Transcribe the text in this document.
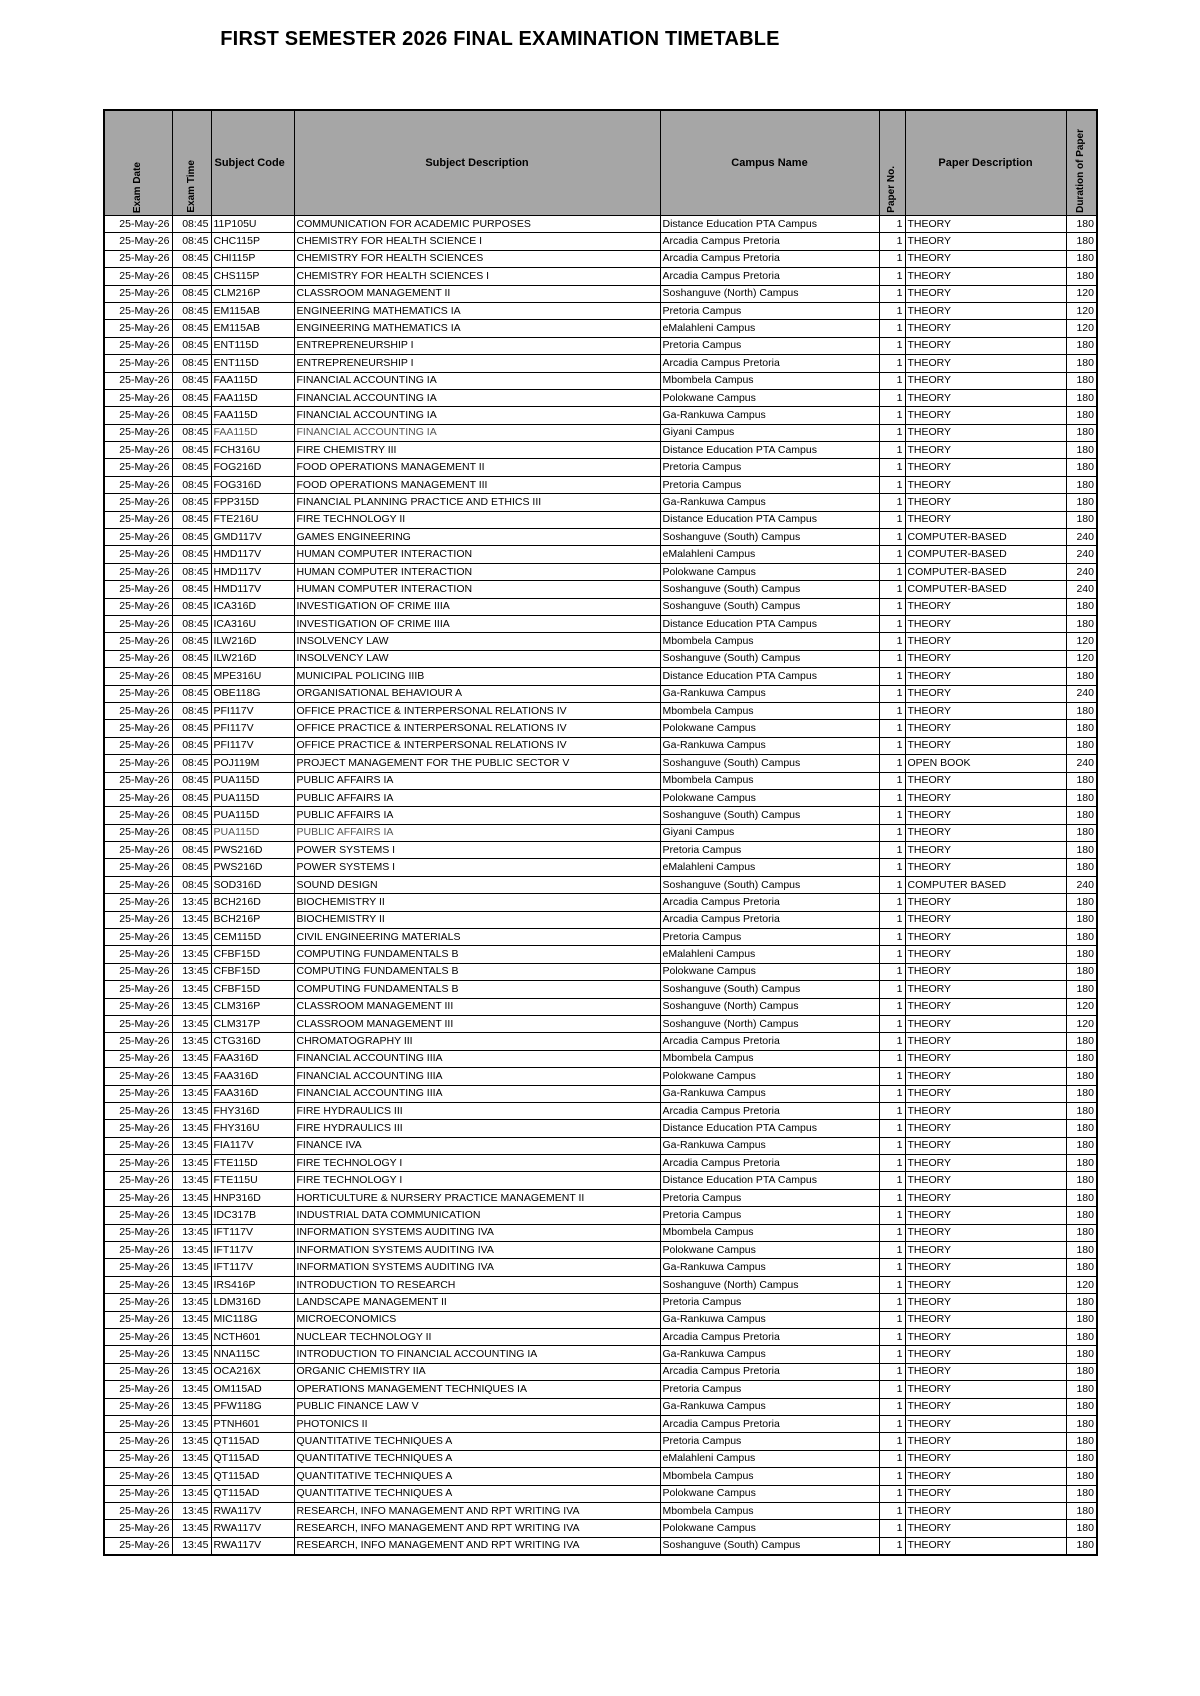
FIRST SEMESTER 2026 FINAL EXAMINATION TIMETABLE
Exam Date	Exam Time	Subject Code	Subject Description	Campus Name	Paper No.	Paper Description	Duration of Paper

25-May-26	08:45	11P105U	COMMUNICATION FOR ACADEMIC PURPOSES	Distance Education PTA Campus	1	THEORY	180
25-May-26	08:45	CHC115P	CHEMISTRY FOR HEALTH SCIENCE I	Arcadia Campus Pretoria	1	THEORY	180
25-May-26	08:45	CHI115P	CHEMISTRY FOR HEALTH SCIENCES	Arcadia Campus Pretoria	1	THEORY	180
25-May-26	08:45	CHS115P	CHEMISTRY FOR HEALTH SCIENCES I	Arcadia Campus Pretoria	1	THEORY	180
25-May-26	08:45	CLM216P	CLASSROOM MANAGEMENT II	Soshanguve (North) Campus	1	THEORY	120
25-May-26	08:45	EM115AB	ENGINEERING MATHEMATICS IA	Pretoria Campus	1	THEORY	120
25-May-26	08:45	EM115AB	ENGINEERING MATHEMATICS IA	eMalahleni Campus	1	THEORY	120
25-May-26	08:45	ENT115D	ENTREPRENEURSHIP I	Pretoria Campus	1	THEORY	180
25-May-26	08:45	ENT115D	ENTREPRENEURSHIP I	Arcadia Campus Pretoria	1	THEORY	180
25-May-26	08:45	FAA115D	FINANCIAL ACCOUNTING IA	Mbombela Campus	1	THEORY	180
25-May-26	08:45	FAA115D	FINANCIAL ACCOUNTING IA	Polokwane Campus	1	THEORY	180
25-May-26	08:45	FAA115D	FINANCIAL ACCOUNTING IA	Ga-Rankuwa Campus	1	THEORY	180
25-May-26	08:45	FAA115D	FINANCIAL ACCOUNTING IA	Giyani Campus	1	THEORY	180
25-May-26	08:45	FCH316U	FIRE CHEMISTRY III	Distance Education PTA Campus	1	THEORY	180
25-May-26	08:45	FOG216D	FOOD OPERATIONS MANAGEMENT II	Pretoria Campus	1	THEORY	180
25-May-26	08:45	FOG316D	FOOD OPERATIONS MANAGEMENT III	Pretoria Campus	1	THEORY	180
25-May-26	08:45	FPP315D	FINANCIAL PLANNING PRACTICE AND ETHICS III	Ga-Rankuwa Campus	1	THEORY	180
25-May-26	08:45	FTE216U	FIRE TECHNOLOGY II	Distance Education PTA Campus	1	THEORY	180
25-May-26	08:45	GMD117V	GAMES ENGINEERING	Soshanguve (South) Campus	1	COMPUTER-BASED	240
25-May-26	08:45	HMD117V	HUMAN COMPUTER INTERACTION	eMalahleni Campus	1	COMPUTER-BASED	240
25-May-26	08:45	HMD117V	HUMAN COMPUTER INTERACTION	Polokwane Campus	1	COMPUTER-BASED	240
25-May-26	08:45	HMD117V	HUMAN COMPUTER INTERACTION	Soshanguve (South) Campus	1	COMPUTER-BASED	240
25-May-26	08:45	ICA316D	INVESTIGATION OF CRIME IIIA	Soshanguve (South) Campus	1	THEORY	180
25-May-26	08:45	ICA316U	INVESTIGATION OF CRIME IIIA	Distance Education PTA Campus	1	THEORY	180
25-May-26	08:45	ILW216D	INSOLVENCY LAW	Mbombela Campus	1	THEORY	120
25-May-26	08:45	ILW216D	INSOLVENCY LAW	Soshanguve (South) Campus	1	THEORY	120
25-May-26	08:45	MPE316U	MUNICIPAL POLICING IIIB	Distance Education PTA Campus	1	THEORY	180
25-May-26	08:45	OBE118G	ORGANISATIONAL BEHAVIOUR A	Ga-Rankuwa Campus	1	THEORY	240
25-May-26	08:45	PFI117V	OFFICE PRACTICE & INTERPERSONAL RELATIONS IV	Mbombela Campus	1	THEORY	180
25-May-26	08:45	PFI117V	OFFICE PRACTICE & INTERPERSONAL RELATIONS IV	Polokwane Campus	1	THEORY	180
25-May-26	08:45	PFI117V	OFFICE PRACTICE & INTERPERSONAL RELATIONS IV	Ga-Rankuwa Campus	1	THEORY	180
25-May-26	08:45	POJ119M	PROJECT MANAGEMENT FOR THE PUBLIC SECTOR V	Soshanguve (South) Campus	1	OPEN BOOK	240
25-May-26	08:45	PUA115D	PUBLIC AFFAIRS IA	Mbombela Campus	1	THEORY	180
25-May-26	08:45	PUA115D	PUBLIC AFFAIRS IA	Polokwane Campus	1	THEORY	180
25-May-26	08:45	PUA115D	PUBLIC AFFAIRS IA	Soshanguve (South) Campus	1	THEORY	180
25-May-26	08:45	PUA115D	PUBLIC AFFAIRS IA	Giyani Campus	1	THEORY	180
25-May-26	08:45	PWS216D	POWER SYSTEMS I	Pretoria Campus	1	THEORY	180
25-May-26	08:45	PWS216D	POWER SYSTEMS I	eMalahleni Campus	1	THEORY	180
25-May-26	08:45	SOD316D	SOUND DESIGN	Soshanguve (South) Campus	1	COMPUTER BASED	240
25-May-26	13:45	BCH216D	BIOCHEMISTRY II	Arcadia Campus Pretoria	1	THEORY	180
25-May-26	13:45	BCH216P	BIOCHEMISTRY II	Arcadia Campus Pretoria	1	THEORY	180
25-May-26	13:45	CEM115D	CIVIL ENGINEERING MATERIALS	Pretoria Campus	1	THEORY	180
25-May-26	13:45	CFBF15D	COMPUTING FUNDAMENTALS B	eMalahleni Campus	1	THEORY	180
25-May-26	13:45	CFBF15D	COMPUTING FUNDAMENTALS B	Polokwane Campus	1	THEORY	180
25-May-26	13:45	CFBF15D	COMPUTING FUNDAMENTALS B	Soshanguve (South) Campus	1	THEORY	180
25-May-26	13:45	CLM316P	CLASSROOM MANAGEMENT III	Soshanguve (North) Campus	1	THEORY	120
25-May-26	13:45	CLM317P	CLASSROOM MANAGEMENT III	Soshanguve (North) Campus	1	THEORY	120
25-May-26	13:45	CTG316D	CHROMATOGRAPHY III	Arcadia Campus Pretoria	1	THEORY	180
25-May-26	13:45	FAA316D	FINANCIAL ACCOUNTING IIIA	Mbombela Campus	1	THEORY	180
25-May-26	13:45	FAA316D	FINANCIAL ACCOUNTING IIIA	Polokwane Campus	1	THEORY	180
25-May-26	13:45	FAA316D	FINANCIAL ACCOUNTING IIIA	Ga-Rankuwa Campus	1	THEORY	180
25-May-26	13:45	FHY316D	FIRE HYDRAULICS III	Arcadia Campus Pretoria	1	THEORY	180
25-May-26	13:45	FHY316U	FIRE HYDRAULICS III	Distance Education PTA Campus	1	THEORY	180
25-May-26	13:45	FIA117V	FINANCE IVA	Ga-Rankuwa Campus	1	THEORY	180
25-May-26	13:45	FTE115D	FIRE TECHNOLOGY I	Arcadia Campus Pretoria	1	THEORY	180
25-May-26	13:45	FTE115U	FIRE TECHNOLOGY I	Distance Education PTA Campus	1	THEORY	180
25-May-26	13:45	HNP316D	HORTICULTURE & NURSERY PRACTICE MANAGEMENT II	Pretoria Campus	1	THEORY	180
25-May-26	13:45	IDC317B	INDUSTRIAL DATA COMMUNICATION	Pretoria Campus	1	THEORY	180
25-May-26	13:45	IFT117V	INFORMATION SYSTEMS AUDITING IVA	Mbombela Campus	1	THEORY	180
25-May-26	13:45	IFT117V	INFORMATION SYSTEMS AUDITING IVA	Polokwane Campus	1	THEORY	180
25-May-26	13:45	IFT117V	INFORMATION SYSTEMS AUDITING IVA	Ga-Rankuwa Campus	1	THEORY	180
25-May-26	13:45	IRS416P	INTRODUCTION TO RESEARCH	Soshanguve (North) Campus	1	THEORY	120
25-May-26	13:45	LDM316D	LANDSCAPE MANAGEMENT II	Pretoria Campus	1	THEORY	180
25-May-26	13:45	MIC118G	MICROECONOMICS	Ga-Rankuwa Campus	1	THEORY	180
25-May-26	13:45	NCTH601	NUCLEAR TECHNOLOGY II	Arcadia Campus Pretoria	1	THEORY	180
25-May-26	13:45	NNA115C	INTRODUCTION TO FINANCIAL ACCOUNTING IA	Ga-Rankuwa Campus	1	THEORY	180
25-May-26	13:45	OCA216X	ORGANIC CHEMISTRY IIA	Arcadia Campus Pretoria	1	THEORY	180
25-May-26	13:45	OM115AD	OPERATIONS MANAGEMENT TECHNIQUES IA	Pretoria Campus	1	THEORY	180
25-May-26	13:45	PFW118G	PUBLIC FINANCE LAW V	Ga-Rankuwa Campus	1	THEORY	180
25-May-26	13:45	PTNH601	PHOTONICS II	Arcadia Campus Pretoria	1	THEORY	180
25-May-26	13:45	QT115AD	QUANTITATIVE TECHNIQUES A	Pretoria Campus	1	THEORY	180
25-May-26	13:45	QT115AD	QUANTITATIVE TECHNIQUES A	eMalahleni Campus	1	THEORY	180
25-May-26	13:45	QT115AD	QUANTITATIVE TECHNIQUES A	Mbombela Campus	1	THEORY	180
25-May-26	13:45	QT115AD	QUANTITATIVE TECHNIQUES A	Polokwane Campus	1	THEORY	180
25-May-26	13:45	RWA117V	RESEARCH, INFO MANAGEMENT AND RPT WRITING IVA	Mbombela Campus	1	THEORY	180
25-May-26	13:45	RWA117V	RESEARCH, INFO MANAGEMENT AND RPT WRITING IVA	Polokwane Campus	1	THEORY	180
25-May-26	13:45	RWA117V	RESEARCH, INFO MANAGEMENT AND RPT WRITING IVA	Soshanguve (South) Campus	1	THEORY	180
